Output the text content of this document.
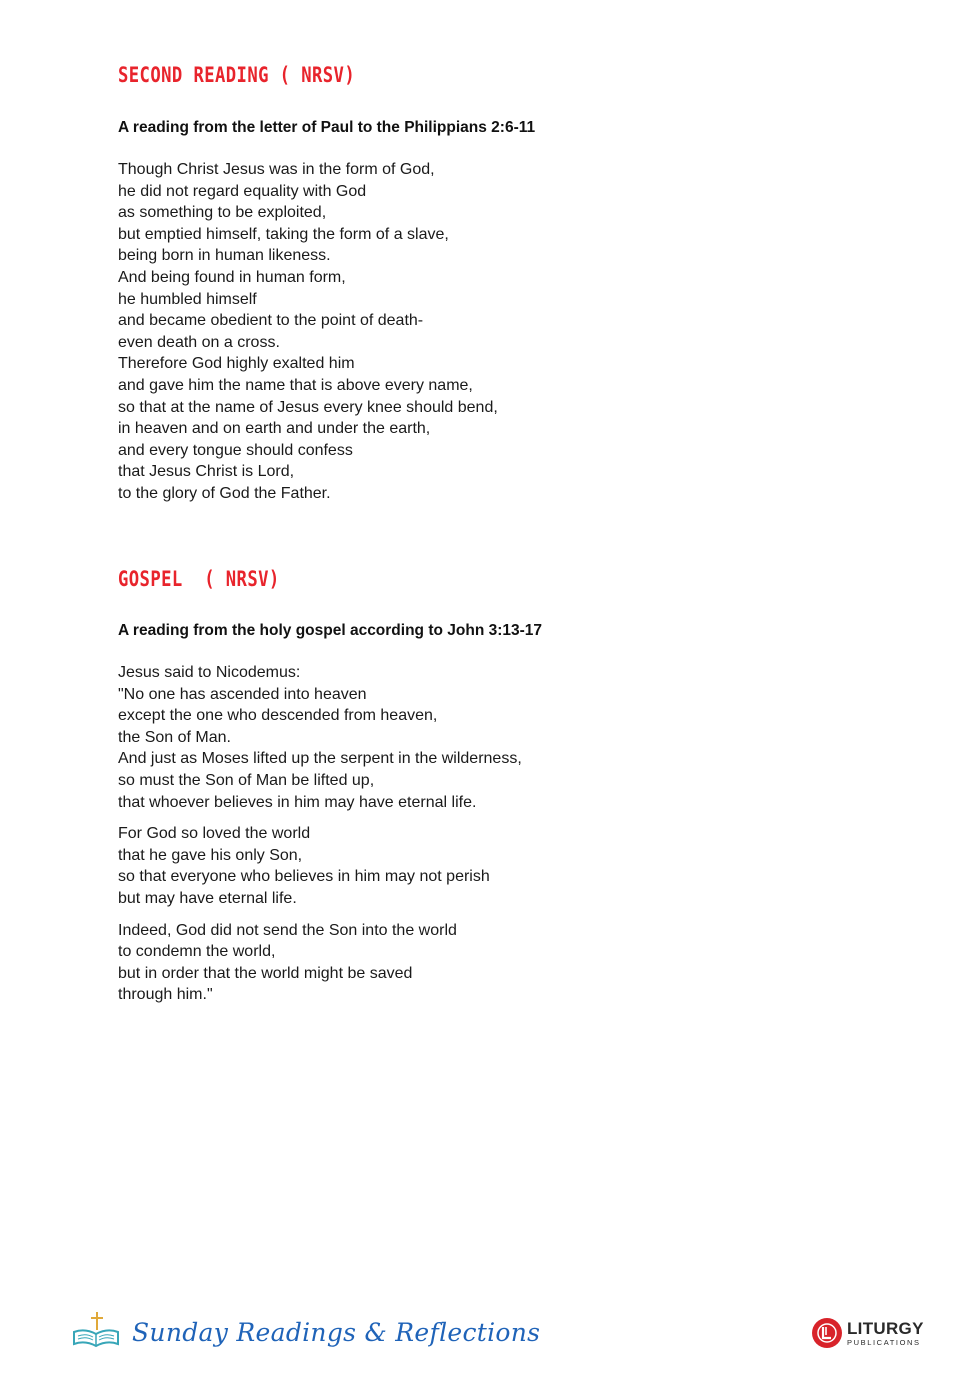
SECOND READING ( NRSV)
A reading from the letter of Paul to the Philippians 2:6-11

Though Christ Jesus was in the form of God,

he did not regard equality with God

as something to be exploited,

but emptied himself, taking the form of a slave,

being born in human likeness.

And being found in human form,

he humbled himself

and became obedient to the point of death-

even death on a cross.

Therefore God highly exalted him

and gave him the name that is above every name,

so that at the name of Jesus every knee should bend,

in heaven and on earth and under the earth,

and every tongue should confess

that Jesus Christ is Lord,

to the glory of God the Father.

GOSPEL  ( NRSV)
A reading from the holy gospel according to John 3:13-17

Jesus said to Nicodemus:

"No one has ascended into heaven

except the one who descended from heaven,

the Son of Man.

And just as Moses lifted up the serpent in the wilderness,

so must the Son of Man be lifted up,

that whoever believes in him may have eternal life.

For God so loved the world

that he gave his only Son,

so that everyone who believes in him may not perish

but may have eternal life.

Indeed, God did not send the Son into the world

to condemn the world,

but in order that the world might be saved

through him."

Sunday Readings & Reflections	LITURGY
PUBLICATIONS
